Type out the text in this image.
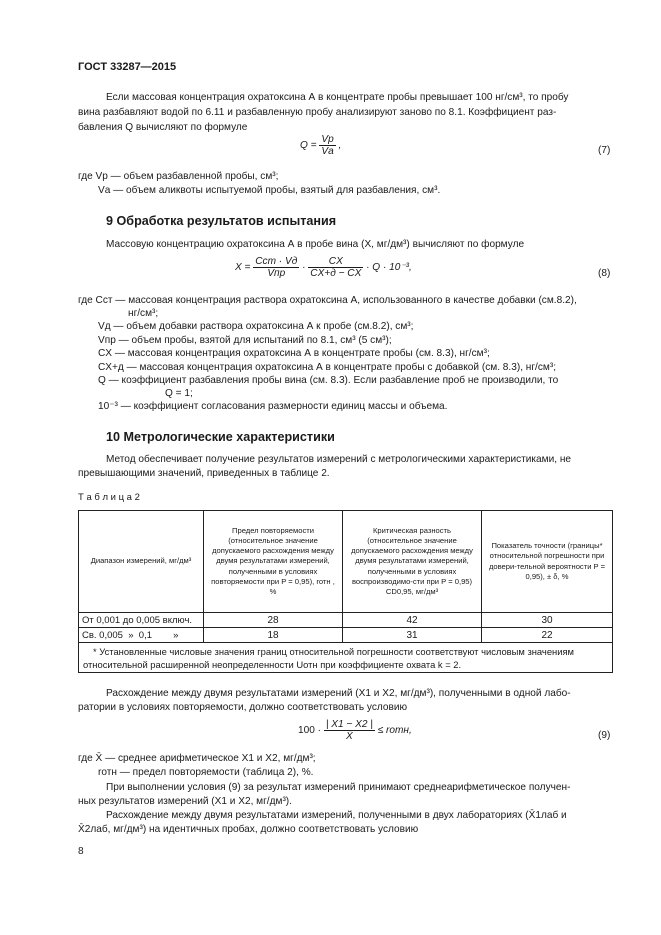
ГОСТ 33287—2015
Если массовая концентрация охратоксина А в концентрате пробы превышает 100 нг/см³, то пробу
вина разбавляют водой по 6.11 и разбавленную пробу анализируют заново по 8.1. Коэффициент раз-
бавления Q вычисляют по формуле
Q =
Vр
Vа
,	(7)
где Vр — объем разбавленной пробы, см³;
Vа — объем аликвоты испытуемой пробы, взятый для разбавления, см³.
9 Обработка результатов испытания
Массовую концентрацию охратоксина А в пробе вина (X, мг/дм³) вычисляют по формуле
X =
Cст · Vд
Vпр
·
CX
CX+д − CX
· Q · 10⁻³,
(8)
где Cст — массовая концентрация раствора охратоксина А, использованного в качестве добавки (см.8.2),
нг/см³;
Vд — объем добавки раствора охратоксина А к пробе (см.8.2), см³;
Vпр — объем пробы, взятой для испытаний по 8.1, см³ (5 см³);
CX — массовая концентрация охратоксина А в концентрате пробы (см. 8.3), нг/см³;
CX+д — массовая концентрация охратоксина А в концентрате пробы с добавкой (см. 8.3), нг/см³;
Q — коэффициент разбавления пробы вина (см. 8.3). Если разбавление проб не производили, то
Q = 1;
10⁻³ — коэффициент согласования размерности единиц массы и объема.
10 Метрологические характеристики
Метод обеспечивает получение результатов измерений с метрологическими характеристиками, не
превышающими значений, приведенных в таблице 2.
Т а б л и ц а 2
Диапазон измерений, мг/дм³	Предел повторяемости (относительное значение допускаемого расхождения между двумя результатами измерений, полученными в условиях повторяемости при P = 0,95), rотн , %	Критическая разность (относительное значение допускаемого расхождения между двумя результатами измерений, полученными в условиях воспроизводимо-сти при P = 0,95) CD0,95, мг/дм³	Показатель точности (границы* относительной погрешности при довери-тельной вероятности P = 0,95), ± δ, %
От 0,001 до 0,005 включ.	28	42	30
Св. 0,005  »  0,1        »	18	31	22

* Установленные числовые значения границ относительной погрешности соответствуют числовым значениям
относительной расширенной неопределенности Uотн при коэффициенте охвата k = 2.			
Расхождение между двумя результатами измерений (X1 и X2, мг/дм³), полученными в одной лабо-
ратории в условиях повторяемости, должно соответствовать условию
$100 \cdot \frac{| X1 - X2 |}{X̄}$ ≤ rотн,	(9)
где X̄ — среднее арифметическое X1 и X2, мг/дм³;
rотн — предел повторяемости (таблица 2), %.
При выполнении условия (9) за результат измерений принимают среднеарифметическое получен-
ных результатов измерений (X1 и X2, мг/дм³).
Расхождение между двумя результатами измерений, полученными в двух лабораториях (X̄1лаб и
X̄2лаб, мг/дм³) на идентичных пробах, должно соответствовать условию
8
